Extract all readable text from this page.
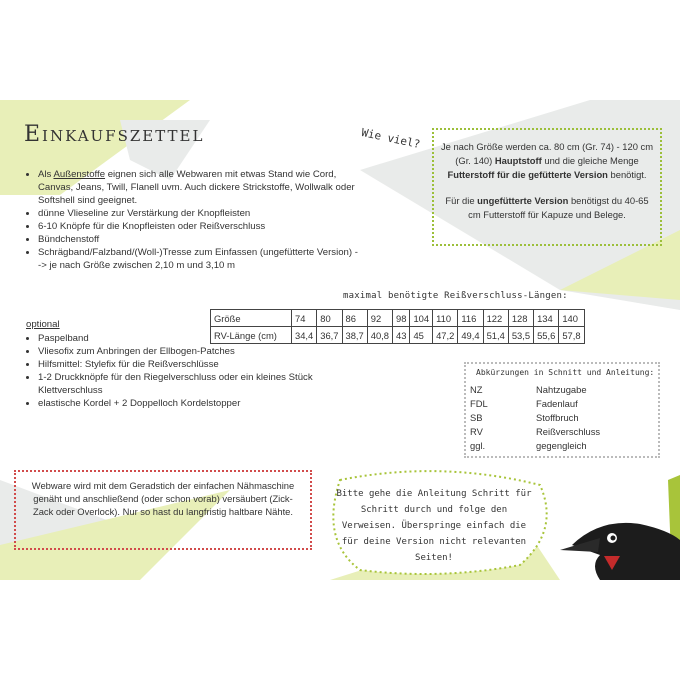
Einkaufszettel
• Als Außenstoffe eignen sich alle Webwaren mit etwas Stand wie Cord, Canvas, Jeans, Twill, Flanell uvm. Auch dickere Strickstoffe, Wollwalk oder Softshell sind geeignet.
• dünne Vlieseline zur Verstärkung der Knopfleisten
• 6-10 Knöpfe für die Knopfleisten oder Reißverschluss
• Bündchenstoff
• Schrägband/Falzband/(Woll-)Tresse zum Einfassen (ungefütterte Version) --> je nach Größe zwischen 2,10 m und 3,10 m
optional
• Paspelband
• Vliesofix zum Anbringen der Ellbogen-Patches
• Hilfsmittel: Stylefix für die Reißverschlüsse
• 1-2 Druckknöpfe für den Riegelverschluss oder ein kleines Stück Klettverschluss
• elastische Kordel + 2 Doppelloch Kordelstopper
Wie viel? Je nach Größe werden ca. 80 cm (Gr. 74) - 120 cm (Gr. 140) Hauptstoff und die gleiche Menge Futterstoff für die gefütterte Version benötigt.

Für die ungefütterte Version benötigst du 40-65 cm Futterstoff für Kapuze und Belege.

maximal benötigte Reißverschluss-Längen:
Größe	74	80	86	92	98	104	110	116	122	128	134	140
RV-Länge (cm)	34,4	36,7	38,7	40,8	43	45	47,2	49,4	51,4	53,5	55,6	57,8
Abkürzungen in Schnitt und Anleitung:
NZ	Nahtzugabe
FDL	Fadenlauf
SB	Stoffbruch
RV	Reißverschluss
ggl.	gegengleich
Webware wird mit dem Geradstich der einfachen Nähmaschine genäht und anschließend (oder schon vorab) versäubert (Zick-Zack oder Overlock). Nur so hast du langfristig haltbare Nähte.
Bitte gehe die Anleitung Schritt für Schritt durch und folge den Verweisen. Überspringe einfach die für deine Version nicht relevanten Seiten!
